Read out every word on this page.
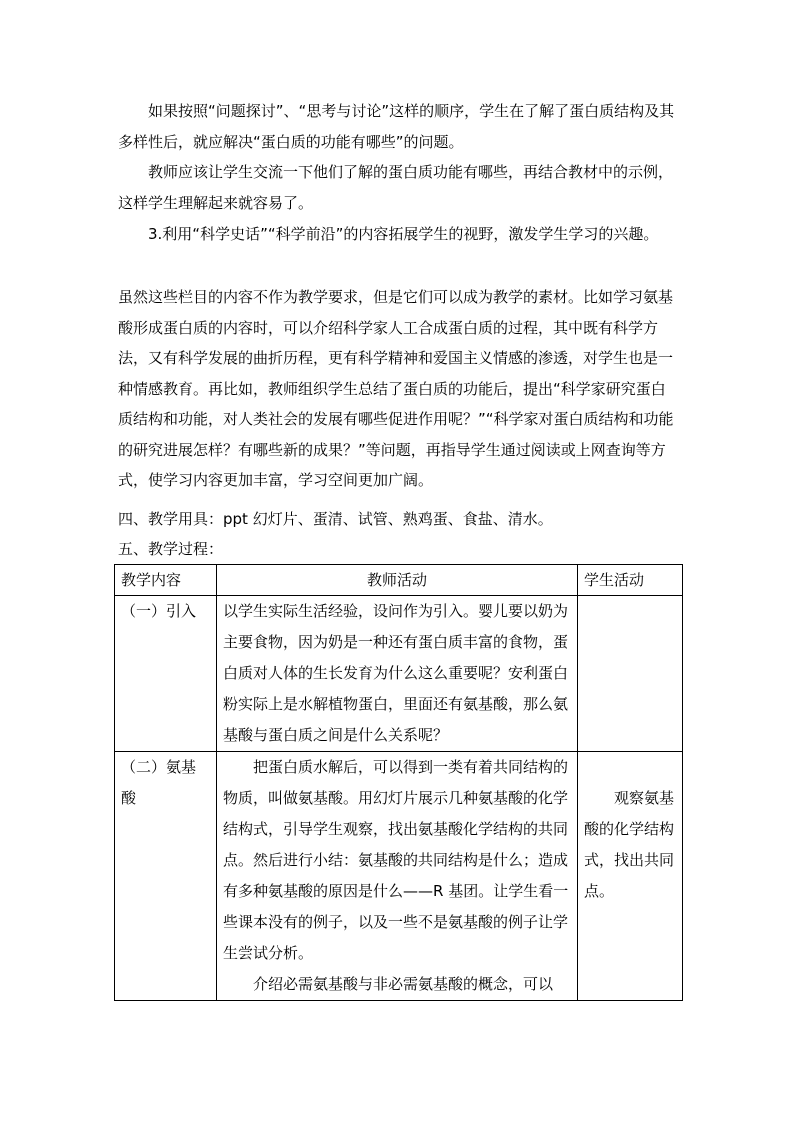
如果按照“问题探讨”、“思考与讨论”这样的顺序，学生在了解了蛋白质结构及其多样性后，就应解决“蛋白质的功能有哪些”的问题。

教师应该让学生交流一下他们了解的蛋白质功能有哪些，再结合教材中的示例，这样学生理解起来就容易了。

3.利用“科学史话”“科学前沿”的内容拓展学生的视野，激发学生学习的兴趣。

虽然这些栏目的内容不作为教学要求，但是它们可以成为教学的素材。比如学习氨基酸形成蛋白质的内容时，可以介绍科学家人工合成蛋白质的过程，其中既有科学方法，又有科学发展的曲折历程，更有科学精神和爱国主义情感的渗透，对学生也是一种情感教育。再比如，教师组织学生总结了蛋白质的功能后，提出“科学家研究蛋白质结构和功能，对人类社会的发展有哪些促进作用呢？”“科学家对蛋白质结构和功能的研究进展怎样？有哪些新的成果？”等问题，再指导学生通过阅读或上网查询等方式，使学习内容更加丰富，学习空间更加广阔。

四、教学用具：ppt 幻灯片、蛋清、试管、熟鸡蛋、食盐、清水。
五、教学过程：
教学内容	教师活动	学生活动
（一）引入	以学生实际生活经验，设问作为引入。婴儿要以奶为主要食物，因为奶是一种还有蛋白质丰富的食物，蛋白质对人体的生长发育为什么这么重要呢？安利蛋白粉实际上是水解植物蛋白，里面还有氨基酸，那么氨基酸与蛋白质之间是什么关系呢？	

（二）氨基酸	把蛋白质水解后，可以得到一类有着共同结构的物质，叫做氨基酸。用幻灯片展示几种氨基酸的化学结构式，引导学生观察，找出氨基酸化学结构的共同点。然后进行小结：氨基酸的共同结构是什么；造成有多种氨基酸的原因是什么——R 基团。让学生看一些课本没有的例子，以及一些不是氨基酸的例子让学生尝试分析。

介绍必需氨基酸与非必需氨基酸的概念，可以	观察氨基酸的化学结构式，找出共同点。
